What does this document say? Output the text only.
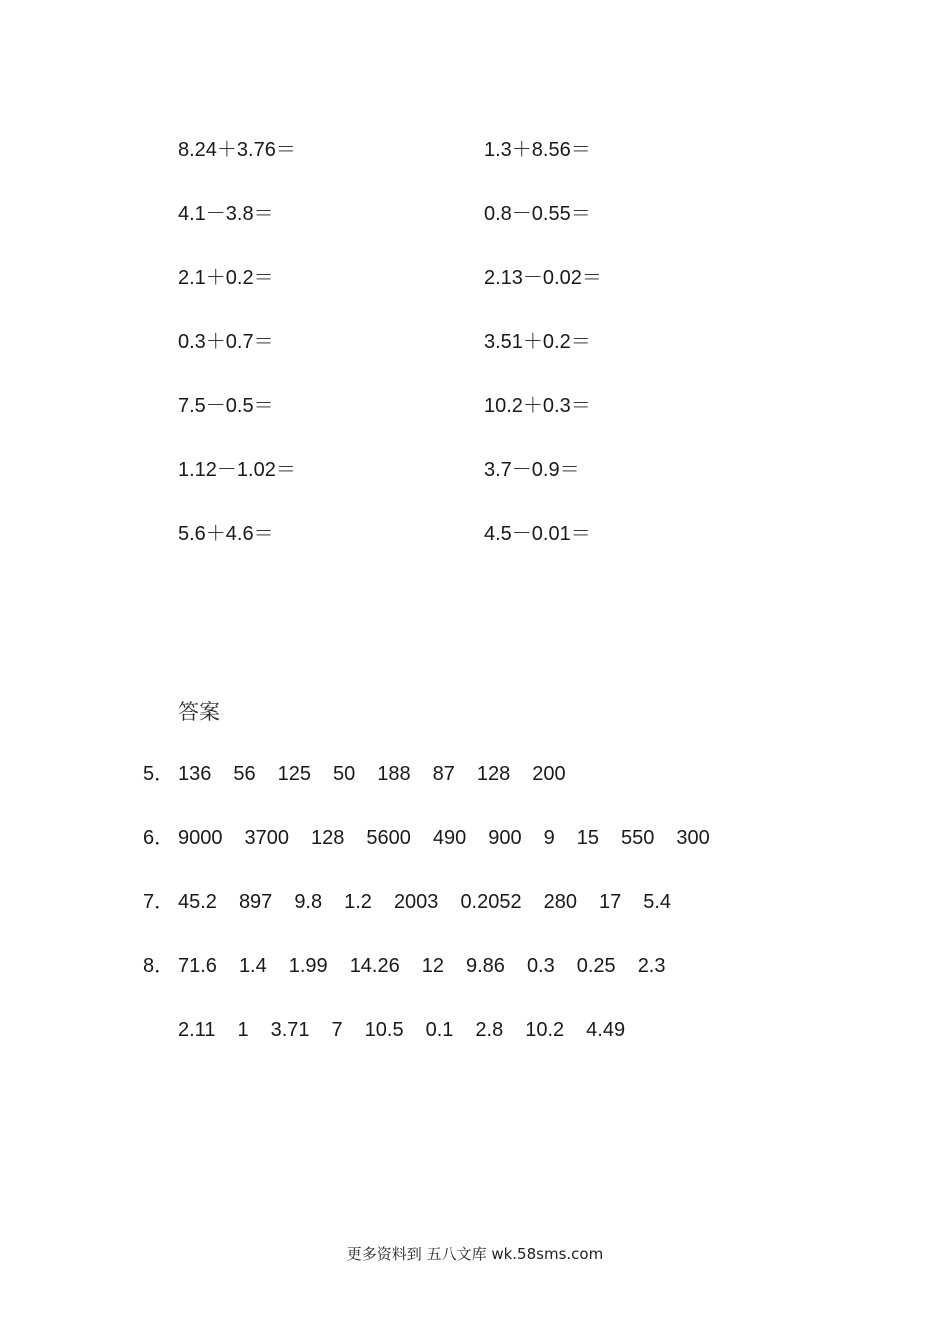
8.24＋3.76＝	1.3＋8.56＝
4.1－3.8＝	0.8－0.55＝
2.1＋0.2＝	2.13－0.02＝
0.3＋0.7＝	3.51＋0.2＝
7.5－0.5＝	10.2＋0.3＝
1.12－1.02＝	3.7－0.9＝
5.6＋4.6＝	4.5－0.01＝
答案
5． 136 56 125 50 188 87 128 200
6． 9000 3700 128 5600 490 900 9 15 550 300
7． 45.2 897 9.8 1.2 2003 0.2052 280 17 5.4
8． 71.6 1.4 1.99 14.26 12 9.86 0.3 0.25 2.3
2.11 1 3.71 7 10.5 0.1 2.8 10.2 4.49
更多资料到 五八文库 wk.58sms.com
